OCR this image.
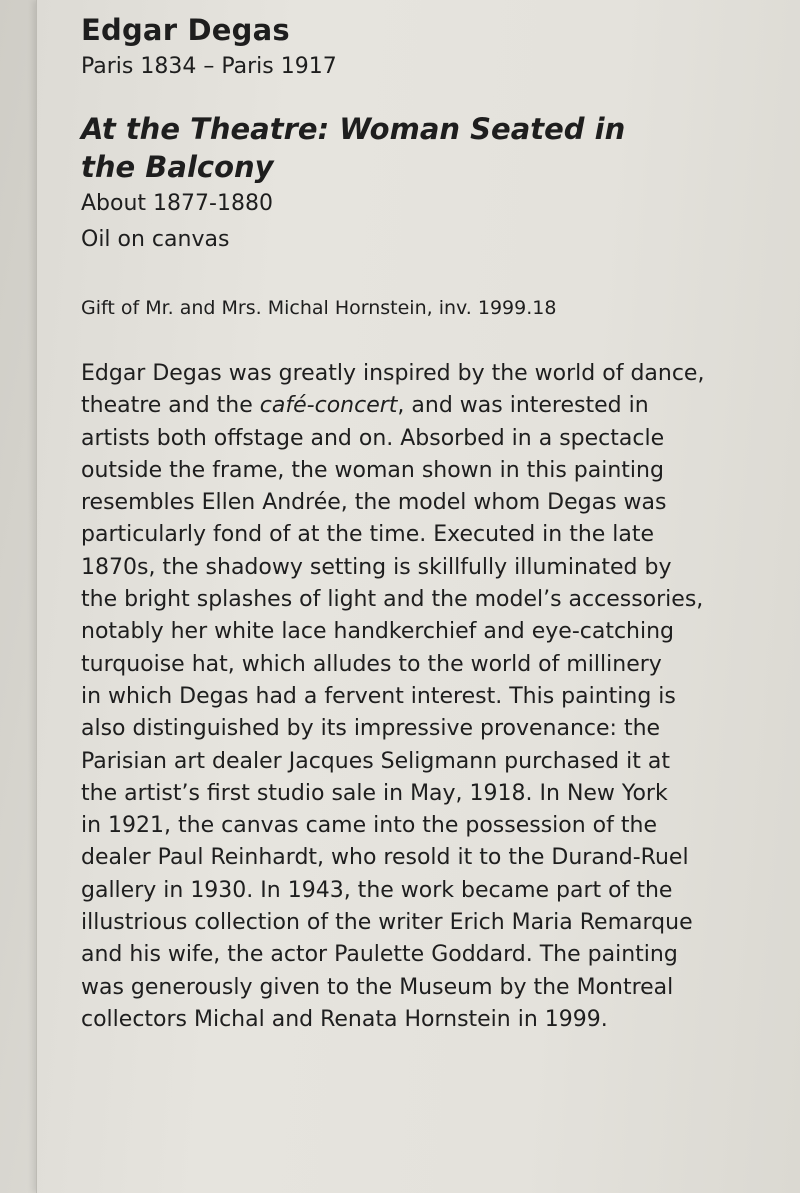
Edgar Degas
Paris 1834 – Paris 1917
At the Theatre: Woman Seated in
the Balcony
About 1877-1880
Oil on canvas
Gift of Mr. and Mrs. Michal Hornstein, inv. 1999.18
Edgar Degas was greatly inspired by the world of dance,
theatre and the café-concert, and was interested in
artists both offstage and on. Absorbed in a spectacle
outside the frame, the woman shown in this painting
resembles Ellen Andrée, the model whom Degas was
particularly fond of at the time. Executed in the late
1870s, the shadowy setting is skillfully illuminated by
the bright splashes of light and the model’s accessories,
notably her white lace handkerchief and eye-catching
turquoise hat, which alludes to the world of millinery
in which Degas had a fervent interest. This painting is
also distinguished by its impressive provenance: the
Parisian art dealer Jacques Seligmann purchased it at
the artist’s first studio sale in May, 1918. In New York
in 1921, the canvas came into the possession of the
dealer Paul Reinhardt, who resold it to the Durand-Ruel
gallery in 1930. In 1943, the work became part of the
illustrious collection of the writer Erich Maria Remarque
and his wife, the actor Paulette Goddard. The painting
was generously given to the Museum by the Montreal
collectors Michal and Renata Hornstein in 1999.
